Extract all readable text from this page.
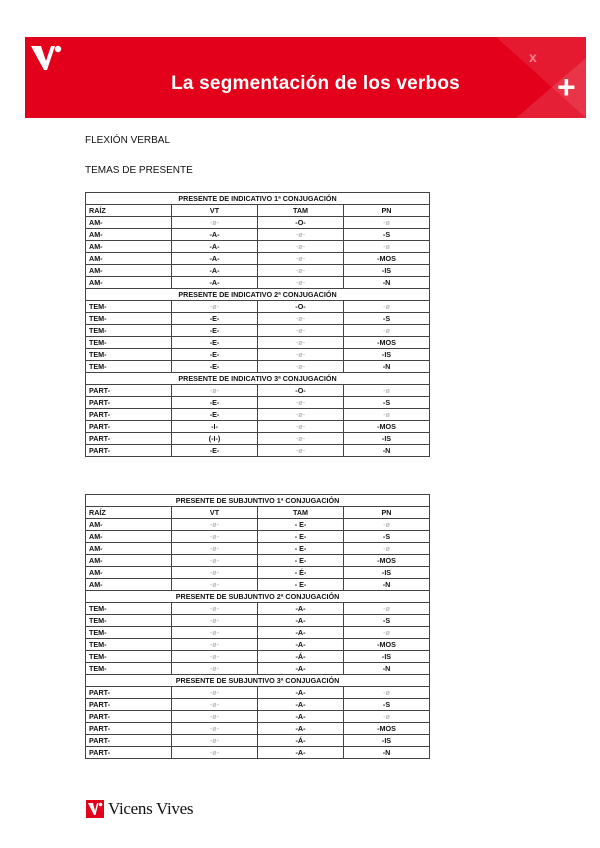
x
+
La segmentación de los verbos
FLEXIÓN VERBAL
TEMAS DE PRESENTE
PRESENTE DE INDICATIVO 1ª CONJUGACIÓN			
RAÍZ	VT	TAM	PN
AM-	-ø-	-O-	-ø
AM-	-A-	-ø-	-S
AM-	-A-	-ø-	-ø
AM-	-A-	-ø-	-MOS
AM-	-A-	-ø-	-IS
AM-	-A-	-ø-	-N
PRESENTE DE INDICATIVO 2ª CONJUGACIÓN			
TEM-	-ø-	-O-	-ø
TEM-	-E-	-ø-	-S
TEM-	-E-	-ø-	-ø
TEM-	-E-	-ø-	-MOS
TEM-	-E-	-ø-	-IS
TEM-	-E-	-ø-	-N
PRESENTE DE INDICATIVO 3ª CONJUGACIÓN			
PART-	-ø-	-O-	-ø
PART-	-E-	-ø-	-S
PART-	-E-	-ø-	-ø
PART-	-I-	-ø-	-MOS
PART-	(-I-)	-ø-	-IS
PART-	-E-	-ø-	-N
PRESENTE DE SUBJUNTIVO 1ª CONJUGACIÓN			
RAÍZ	VT	TAM	PN
AM-	-ø-	- E-	-ø
AM-	-ø-	- E-	-S
AM-	-ø-	- E-	-ø
AM-	-ø-	- E-	-MOS
AM-	-ø-	- É-	-IS
AM-	-ø-	- E-	-N
PRESENTE DE SUBJUNTIVO 2ª CONJUGACIÓN			
TEM-	-ø-	-A-	-ø
TEM-	-ø-	-A-	-S
TEM-	-ø-	-A-	-ø
TEM-	-ø-	-A-	-MOS
TEM-	-ø-	-Á-	-IS
TEM-	-ø-	-A-	-N
PRESENTE DE SUBJUNTIVO 3ª CONJUGACIÓN			
PART-	-ø-	-A-	-ø
PART-	-ø-	-A-	-S
PART-	-ø-	-A-	-ø
PART-	-ø-	-A-	-MOS
PART-	-ø-	-Á-	-IS
PART-	-ø-	-A-	-N
Vicens Vives
